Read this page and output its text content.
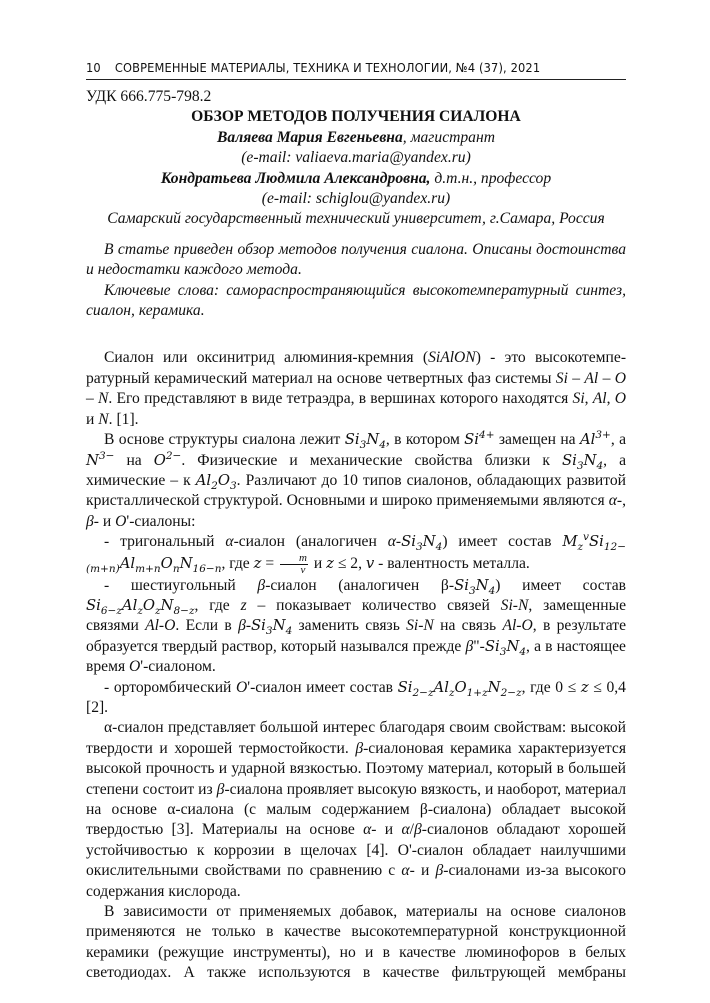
10 СОВРЕМЕННЫЕ МАТЕРИАЛЫ, ТЕХНИКА И ТЕХНОЛОГИИ, №4 (37), 2021
УДК 666.775-798.2
ОБЗОР МЕТОДОВ ПОЛУЧЕНИЯ СИАЛОНА
Валяева Мария Евгеньевна, магистрант
(e-mail: valiaeva.maria@yandex.ru)
Кондратьева Людмила Александровна, д.т.н., профессор
(e-mail: schiglou@yandex.ru)
Самарский государственный технический университет, г.Самара, Россия

В статье приведен обзор методов получения сиалона. Описаны достоинства и недостатки каждого метода.

Ключевые слова: самораспространяющийся высокотемпературный синтез, сиалон, керамика.

Сиалон или оксинитрид алюминия-кремния (SiAlON) - это высокотемпературный керамический материал на основе четвертных фаз системы Si – Al – O – N. Его представляют в виде тетраэдра, в вершинах которого находятся Si, Al, O и N. [1].

В основе структуры сиалона лежит $Si_3N_4$, в котором $Si^{4+}$ замещен на $Al^{3+}$, а $N^{3-}$ на $O^{2-}$. Физические и механические свойства близки к $Si_3N_4$, а химические – к $Al_2O_3$. Различают до 10 типов сиалонов, обладающих развитой кристаллической структурой. Основными и широко применяемыми являются α-, β- и O'-сиалоны:

- тригональный α-сиалон (аналогичен $\alpha-Si_3N_4$) имеет состав $M_z^vSi_{12-(m+n)}Al_{m+n}O_nN_{16-n}$, где $z = \frac{m}{v}$ и z ≤ 2, v - валентность металла.

- шестиугольный β-сиалон (аналогичен $\beta-Si_3N_4$) имеет состав $Si_{6-z}Al_zO_zN_{8-z}$, где z – показывает количество связей Si-N, замещенные связями Al-O. Если в $\beta-Si_3N_4$ заменить связь Si-N на связь Al-O, в результате образуется твердый раствор, который назывался прежде $\beta"-Si_3N_4$, а в настоящее время O'-сиалоном.

- орторомбический O'-сиалон имеет состав $Si_{2-z}Al_zO_{1+z}N_{2-z}$, где 0 ≤ z ≤ 0,4 [2].

α-сиалон представляет большой интерес благодаря своим свойствам: высокой твердости и хорошей термостойкости. β-сиалоновая керамика характеризуется высокой прочность и ударной вязкостью. Поэтому материал, который в большей степени состоит из β-сиалона проявляет высокую вязкость, и наоборот, материал на основе α-сиалона (с малым содержанием β-сиалона) обладает высокой твердостью [3]. Материалы на основе α- и α/β-сиалонов обладают хорошей устойчивостью к коррозии в щелочах [4]. O'-сиалон обладает наилучшими окислительными свойствами по сравнению с α- и β-сиалонами из-за высокого содержания кислорода.

В зависимости от применяемых добавок, материалы на основе сиалонов применяются не только в качестве высокотемпературной конструкционной керамики (режущие инструменты), но и в качестве люминофоров в белых светодиодах. А также используются в качестве фильтрующей мембраны
